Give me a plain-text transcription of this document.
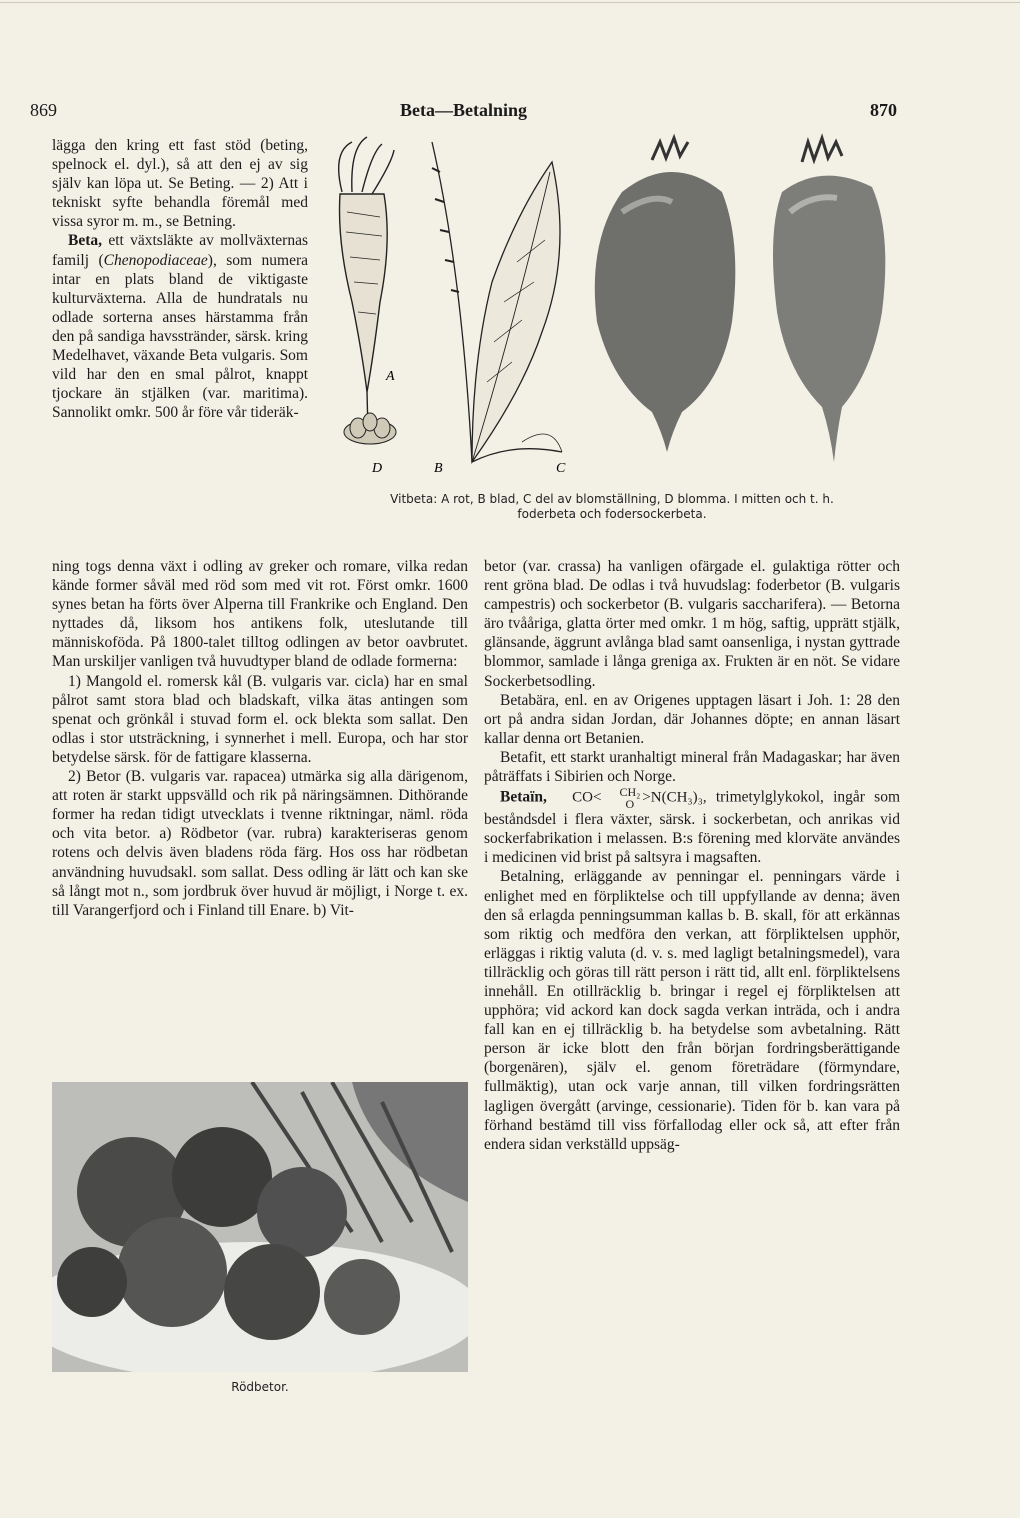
869	Beta—Betalning	870

lägga den kring ett fast stöd (beting, spelnock el. dyl.), så att den ej av sig själv kan löpa ut. Se Beting. — 2) Att i tekniskt syfte behandla föremål med vissa syror m. m., se Betning.

Beta, ett växtsläkte av mollväxternas familj (Chenopodiaceae), som numera intar en plats bland de viktigaste kulturväxterna. Alla de hundratals nu odlade sorterna anses härstamma från den på sandiga havsstränder, särsk. kring Medelhavet, växande Beta vulgaris. Som vild har den en smal pålrot, knappt tjockare än stjälken (var. maritima). Sannolikt omkr. 500 år före vår tideräk-

A
B	C
D
Vitbeta: A rot, B blad, C del av blomställning, D blomma. I mitten och t. h.
foderbeta och fodersockerbeta.

ning togs denna växt i odling av greker och romare, vilka redan kände former såväl med röd som med vit rot. Först omkr. 1600 synes betan ha förts över Alperna till Frankrike och England. Den nyttades då, liksom hos antikens folk, uteslutande till människoföda. På 1800-talet tilltog odlingen av betor oavbrutet. Man urskiljer vanligen två huvudtyper bland de odlade formerna:

1) Mangold el. romersk kål (B. vulgaris var. cicla) har en smal pålrot samt stora blad och bladskaft, vilka ätas antingen som spenat och grönkål i stuvad form el. ock blekta som sallat. Den odlas i stor utsträckning, i synnerhet i mell. Europa, och har stor betydelse särsk. för de fattigare klasserna.

2) Betor (B. vulgaris var. rapacea) utmärka sig alla därigenom, att roten är starkt uppsvälld och rik på näringsämnen. Dithörande former ha redan tidigt utvecklats i tvenne riktningar, näml. röda och vita betor. a) Rödbetor (var. rubra) karakteriseras genom rotens och delvis även bladens röda färg. Hos oss har rödbetan användning huvudsakl. som sallat. Dess odling är lätt och kan ske så långt mot n., som jordbruk över huvud är möjligt, i Norge t. ex. till Varangerfjord och i Finland till Enare. b) Vit-

Rödbetor.

betor (var. crassa) ha vanligen ofärgade el. gulaktiga rötter och rent gröna blad. De odlas i två huvudslag: foderbetor (B. vulgaris campestris) och sockerbetor (B. vulgaris saccharifera). — Betorna äro tvååriga, glatta örter med omkr. 1 m hög, saftig, upprätt stjälk, glänsande, äggrunt avlånga blad samt oansenliga, i nystan gyttrade blommor, samlade i långa greniga ax. Frukten är en nöt. Se vidare Sockerbetsodling.

Betabära, enl. en av Origenes upptagen läsart i Joh. 1: 28 den ort på andra sidan Jordan, där Johannes döpte; en annan läsart kallar denna ort Betanien.

Betafit, ett starkt uranhaltigt mineral från Madagaskar; har även påträffats i Sibirien och Norge.

Betaïn, CO<	CH₂
O >N(CH₃)₃, trimetylglykokol, ingår som beståndsdel i flera växter, särsk. i sockerbetan, och anrikas vid sockerfabrikation i melassen. B:s förening med klorväte användes i medicinen vid brist på saltsyra i magsaften.

Betalning, erläggande av penningar el. penningars värde i enlighet med en förpliktelse och till uppfyllande av denna; även den så erlagda penningsumman kallas b. B. skall, för att erkännas som riktig och medföra den verkan, att förpliktelsen upphör, erläggas i riktig valuta (d. v. s. med lagligt betalningsmedel), vara tillräcklig och göras till rätt person i rätt tid, allt enl. förpliktelsens innehåll. En otillräcklig b. bringar i regel ej förpliktelsen att upphöra; vid ackord kan dock sagda verkan inträda, och i andra fall kan en ej tillräcklig b. ha betydelse som avbetalning. Rätt person är icke blott den från början fordringsberättigande (borgenären), själv el. genom företrädare (förmyndare, fullmäktig), utan ock varje annan, till vilken fordringsrätten lagligen övergått (arvinge, cessionarie). Tiden för b. kan vara på förhand bestämd till viss förfallodag eller ock så, att efter från endera sidan verkställd uppsäg-
